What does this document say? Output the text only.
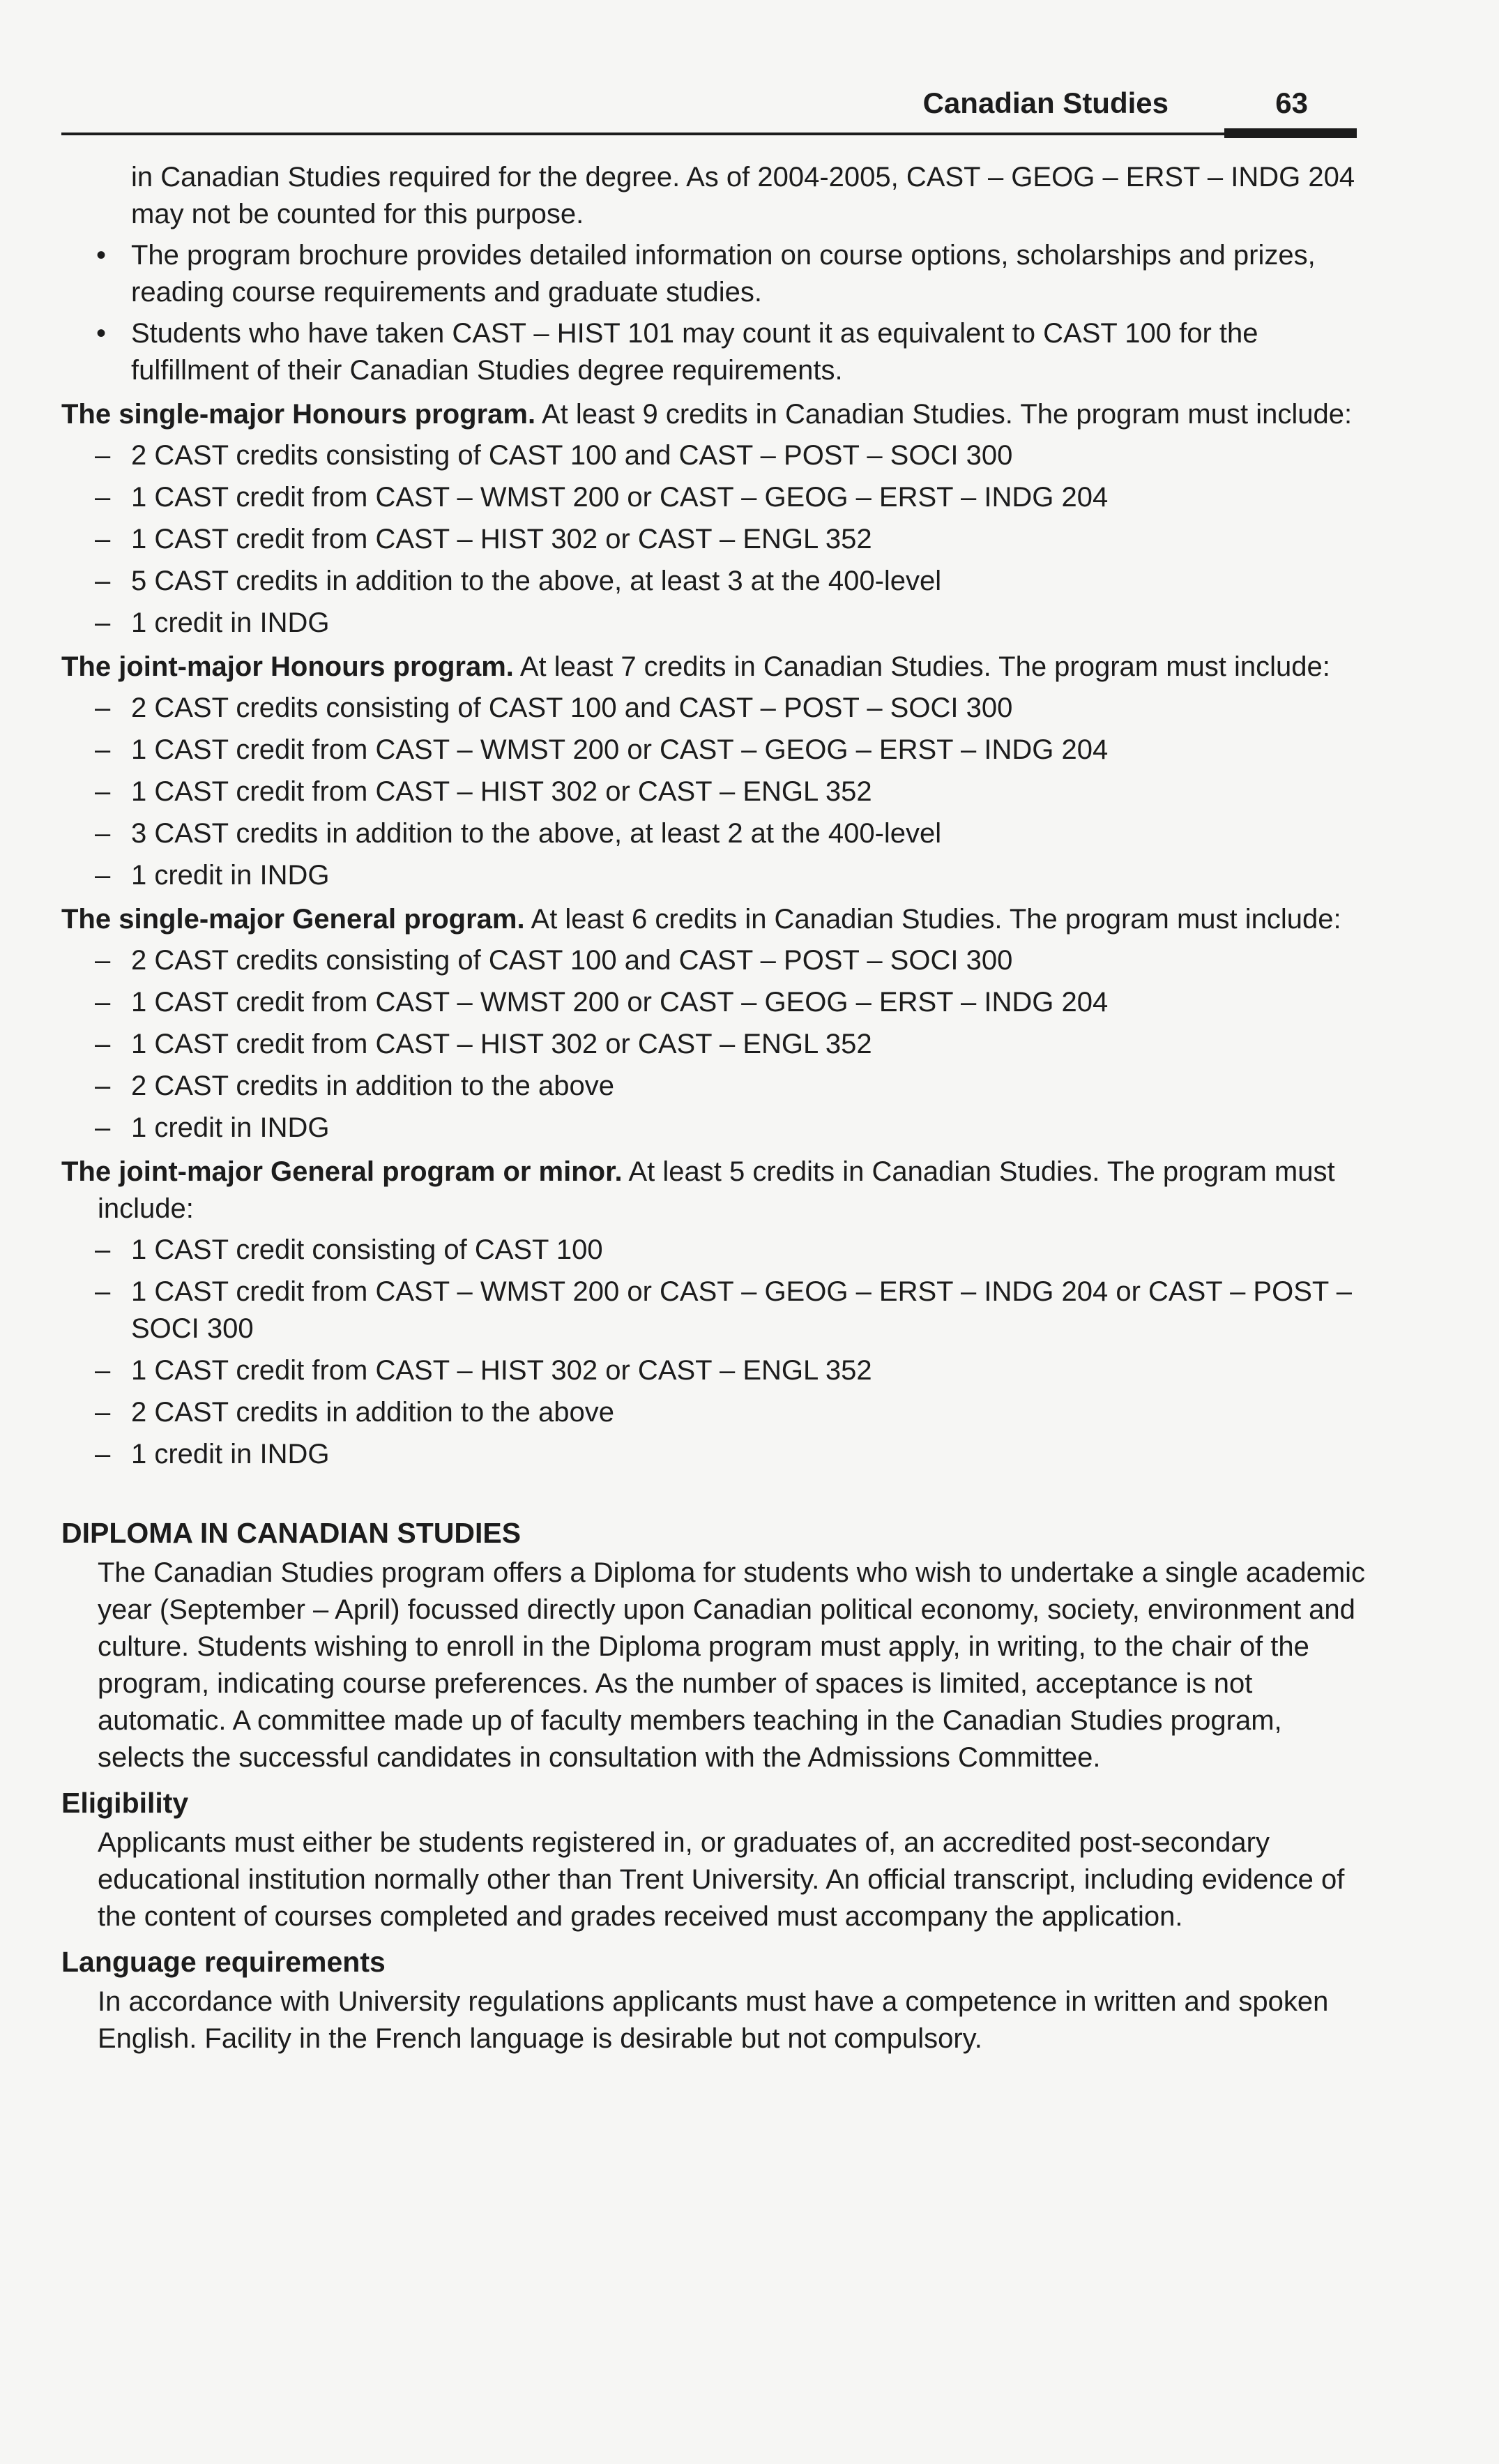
Canadian Studies	63

in Canadian Studies required for the degree. As of 2004-2005, CAST – GEOG – ERST – INDG 204 may not be counted for this purpose.

• The program brochure provides detailed information on course options, scholarships and prizes, reading course requirements and graduate studies.
• Students who have taken CAST – HIST 101 may count it as equivalent to CAST 100 for the fulfillment of their Canadian Studies degree requirements.

The single-major Honours program. At least 9 credits in Canadian Studies. The program must include:

– 2 CAST credits consisting of CAST 100 and CAST – POST – SOCI 300
– 1 CAST credit from CAST – WMST 200 or CAST – GEOG – ERST – INDG 204
– 1 CAST credit from CAST – HIST 302 or CAST – ENGL 352
– 5 CAST credits in addition to the above, at least 3 at the 400-level
– 1 credit in INDG

The joint-major Honours program. At least 7 credits in Canadian Studies. The program must include:

– 2 CAST credits consisting of CAST 100 and CAST – POST – SOCI 300
– 1 CAST credit from CAST – WMST 200 or CAST – GEOG – ERST – INDG 204
– 1 CAST credit from CAST – HIST 302 or CAST – ENGL 352
– 3 CAST credits in addition to the above, at least 2 at the 400-level
– 1 credit in INDG

The single-major General program. At least 6 credits in Canadian Studies. The program must include:

– 2 CAST credits consisting of CAST 100 and CAST – POST – SOCI 300
– 1 CAST credit from CAST – WMST 200 or CAST – GEOG – ERST – INDG 204
– 1 CAST credit from CAST – HIST 302 or CAST – ENGL 352
– 2 CAST credits in addition to the above
– 1 credit in INDG

The joint-major General program or minor. At least 5 credits in Canadian Studies. The program must include:

– 1 CAST credit consisting of CAST 100
– 1 CAST credit from CAST – WMST 200 or CAST – GEOG – ERST – INDG 204 or CAST – POST – SOCI 300
– 1 CAST credit from CAST – HIST 302 or CAST – ENGL 352
– 2 CAST credits in addition to the above
– 1 credit in INDG
DIPLOMA IN CANADIAN STUDIES

The Canadian Studies program offers a Diploma for students who wish to undertake a single academic year (September – April) focussed directly upon Canadian political economy, society, environment and culture. Students wishing to enroll in the Diploma program must apply, in writing, to the chair of the program, indicating course preferences. As the number of spaces is limited, acceptance is not automatic. A committee made up of faculty members teaching in the Canadian Studies program, selects the successful candidates in consultation with the Admissions Committee.

Eligibility

Applicants must either be students registered in, or graduates of, an accredited post-secondary educational institution normally other than Trent University. An official transcript, including evidence of the content of courses completed and grades received must accompany the application.

Language requirements

In accordance with University regulations applicants must have a competence in written and spoken English. Facility in the French language is desirable but not compulsory.
